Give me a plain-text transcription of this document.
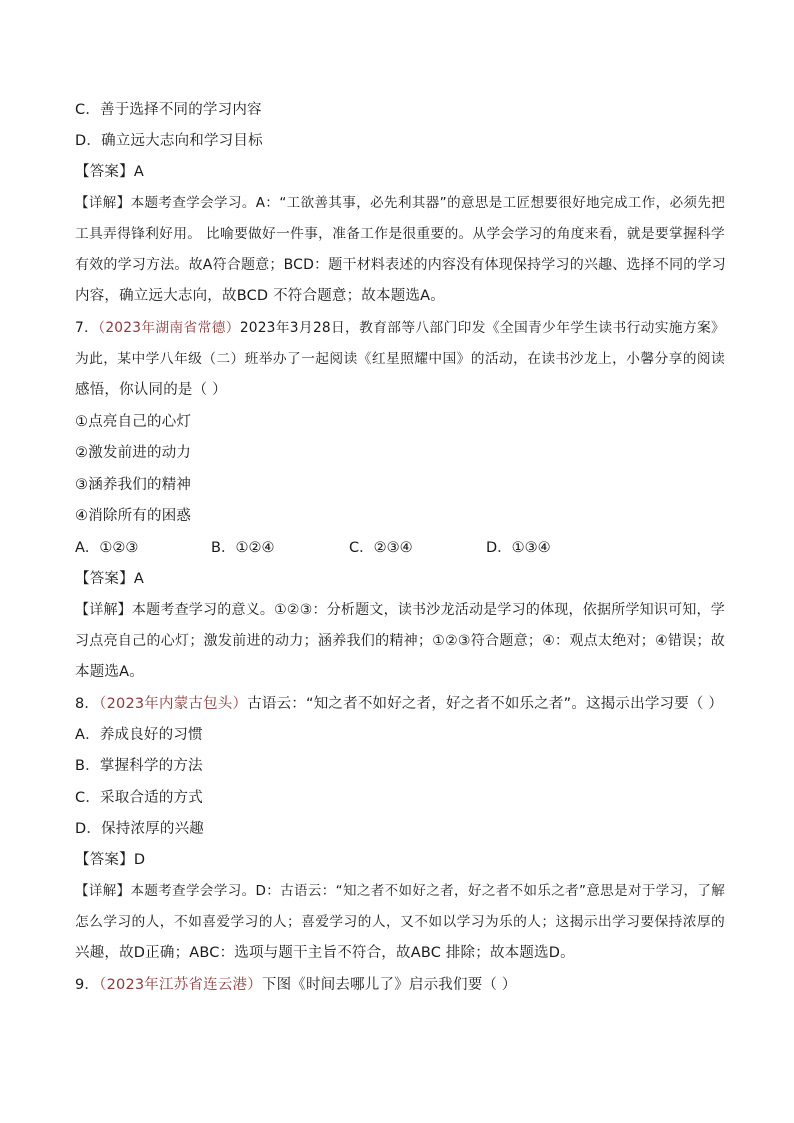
C．善于选择不同的学习内容
D．确立远大志向和学习目标
【答案】A
【详解】本题考查学会学习。A：“工欲善其事，必先利其器”的意思是工匠想要很好地完成工作，必须先把
工具弄得锋利好用。 比喻要做好一件事，准备工作是很重要的。从学会学习的角度来看，就是要掌握科学
有效的学习方法。故A符合题意；BCD：题干材料表述的内容没有体现保持学习的兴趣、选择不同的学习
内容，确立远大志向，故BCD 不符合题意；故本题选A。
7．（2023年湖南省常德）2023年3月28日，教育部等八部门印发《全国青少年学生读书行动实施方案》
为此，某中学八年级（二）班举办了一起阅读《红星照耀中国》的活动，在读书沙龙上，小馨分享的阅读
感悟，你认同的是（ ）
①点亮自己的心灯
②激发前进的动力
③涵养我们的精神
④消除所有的困惑
A．①②③	B．①②④	C．②③④	D．①③④
【答案】A
【详解】本题考查学习的意义。①②③：分析题文，读书沙龙活动是学习的体现，依据所学知识可知，学
习点亮自己的心灯；激发前进的动力；涵养我们的精神；①②③符合题意；④：观点太绝对；④错误；故
本题选A。
8．（2023年内蒙古包头）古语云：“知之者不如好之者，好之者不如乐之者”。这揭示出学习要（ ）
A．养成良好的习惯
B．掌握科学的方法
C．采取合适的方式
D．保持浓厚的兴趣
【答案】D
【详解】本题考查学会学习。D：古语云：“知之者不如好之者，好之者不如乐之者”意思是对于学习，了解
怎么学习的人，不如喜爱学习的人；喜爱学习的人，又不如以学习为乐的人；这揭示出学习要保持浓厚的
兴趣，故D正确；ABC：选项与题干主旨不符合，故ABC 排除；故本题选D。
9．（2023年江苏省连云港）下图《时间去哪儿了》启示我们要（ ）
